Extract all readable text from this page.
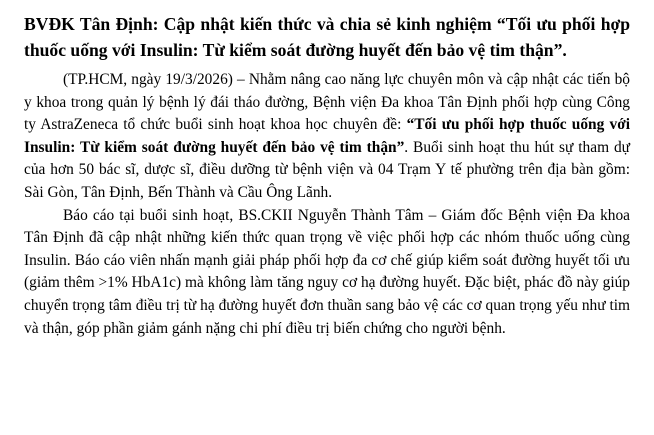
BVĐK Tân Định: Cập nhật kiến thức và chia sẻ kinh nghiệm “Tối ưu phối hợp thuốc uống với Insulin: Từ kiểm soát đường huyết đến bảo vệ tim thận”.

(TP.HCM, ngày 19/3/2026) – Nhằm nâng cao năng lực chuyên môn và cập nhật các tiến bộ y khoa trong quản lý bệnh lý đái tháo đường, Bệnh viện Đa khoa Tân Định phối hợp cùng Công ty AstraZeneca tổ chức buổi sinh hoạt khoa học chuyên đề: “Tối ưu phối hợp thuốc uống với Insulin: Từ kiểm soát đường huyết đến bảo vệ tim thận”. Buổi sinh hoạt thu hút sự tham dự của hơn 50 bác sĩ, dược sĩ, điều dưỡng từ bệnh viện và 04 Trạm Y tế phường trên địa bàn gồm: Sài Gòn, Tân Định, Bến Thành và Cầu Ông Lãnh.

Báo cáo tại buổi sinh hoạt, BS.CKII Nguyễn Thành Tâm – Giám đốc Bệnh viện Đa khoa Tân Định đã cập nhật những kiến thức quan trọng về việc phối hợp các nhóm thuốc uống cùng Insulin. Báo cáo viên nhấn mạnh giải pháp phối hợp đa cơ chế giúp kiểm soát đường huyết tối ưu (giảm thêm >1% HbA1c) mà không làm tăng nguy cơ hạ đường huyết. Đặc biệt, phác đồ này giúp chuyển trọng tâm điều trị từ hạ đường huyết đơn thuần sang bảo vệ các cơ quan trọng yếu như tim và thận, góp phần giảm gánh nặng chi phí điều trị biến chứng cho người bệnh.
